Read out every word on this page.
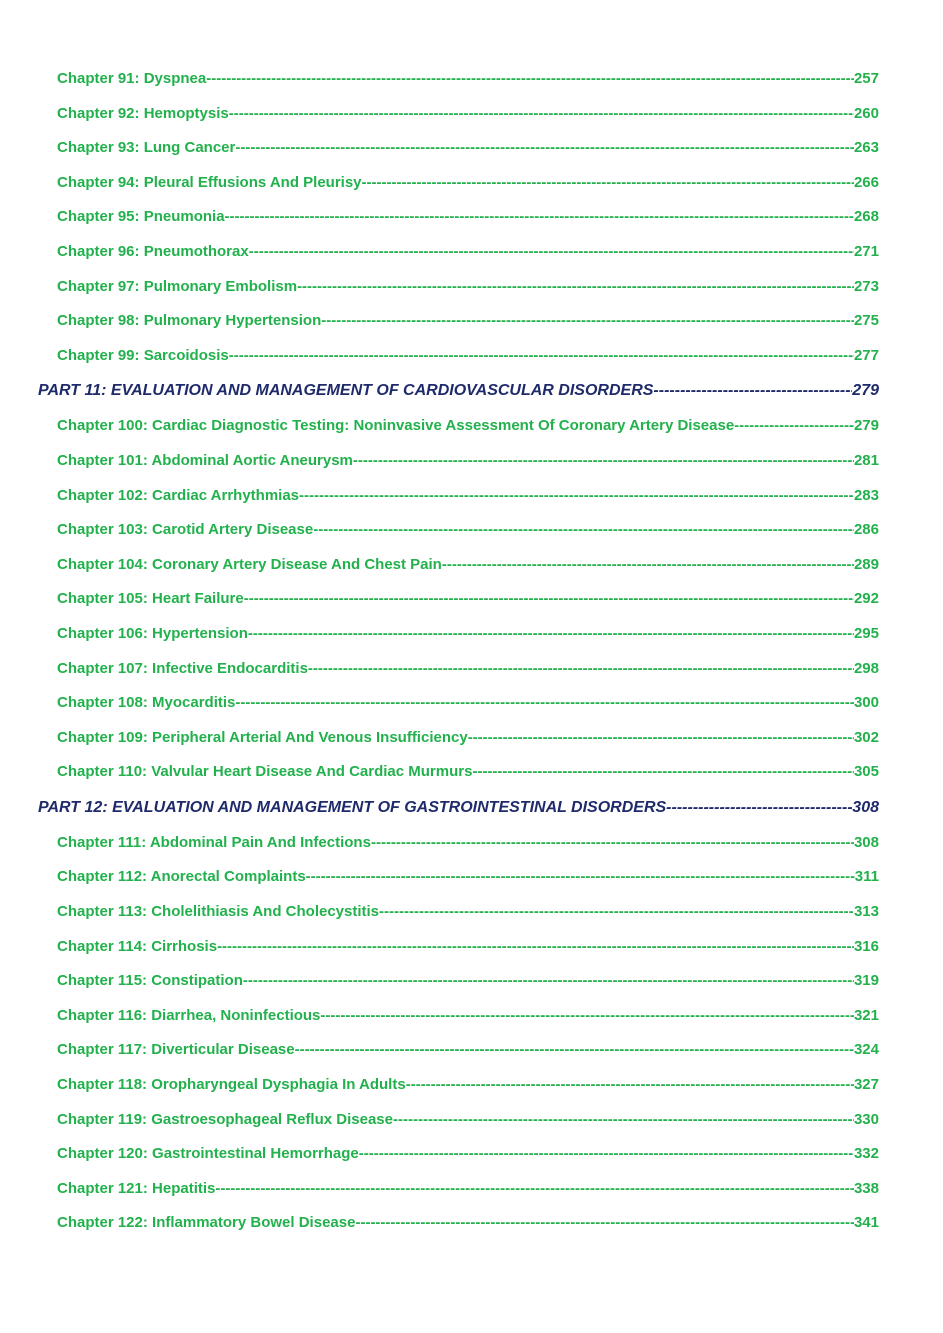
Chapter 91: Dyspnea -----	257
Chapter 92: Hemoptysis -----	260
Chapter 93: Lung Cancer -----	263
Chapter 94: Pleural Effusions And Pleurisy -----	266
Chapter 95: Pneumonia -----	268
Chapter 96: Pneumothorax -----	271
Chapter 97: Pulmonary Embolism -----	273
Chapter 98: Pulmonary Hypertension -----	275
Chapter 99: Sarcoidosis -----	277
PART 11: EVALUATION AND MANAGEMENT OF CARDIOVASCULAR DISORDERS -----	279
Chapter 100: Cardiac Diagnostic Testing: Noninvasive Assessment Of Coronary Artery Disease -----	279
Chapter 101: Abdominal Aortic Aneurysm -----	281
Chapter 102: Cardiac Arrhythmias -----	283
Chapter 103: Carotid Artery Disease -----	286
Chapter 104: Coronary Artery Disease And Chest Pain -----	289
Chapter 105: Heart Failure -----	292
Chapter 106: Hypertension -----	295
Chapter 107: Infective Endocarditis -----	298
Chapter 108: Myocarditis -----	300
Chapter 109: Peripheral Arterial And Venous Insufficiency -----	302
Chapter 110: Valvular Heart Disease And Cardiac Murmurs -----	305
PART 12: EVALUATION AND MANAGEMENT OF GASTROINTESTINAL DISORDERS -----	308
Chapter 111: Abdominal Pain And Infections -----	308
Chapter 112: Anorectal Complaints -----	311
Chapter 113: Cholelithiasis And Cholecystitis -----	313
Chapter 114: Cirrhosis -----	316
Chapter 115: Constipation -----	319
Chapter 116: Diarrhea, Noninfectious -----	321
Chapter 117: Diverticular Disease -----	324
Chapter 118: Oropharyngeal Dysphagia In Adults -----	327
Chapter 119: Gastroesophageal Reflux Disease -----	330
Chapter 120: Gastrointestinal Hemorrhage -----	332
Chapter 121: Hepatitis -----	338
Chapter 122: Inflammatory Bowel Disease -----	341
